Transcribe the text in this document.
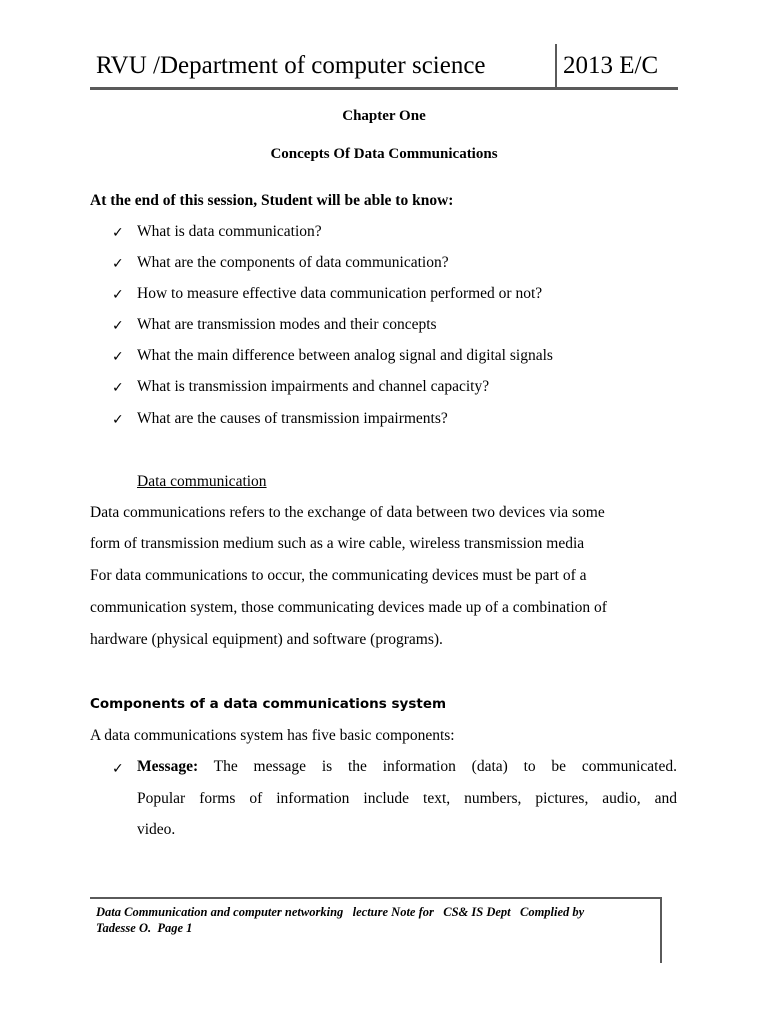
RVU /Department of computer science	2013 E/C
Chapter One
Concepts Of Data Communications
At the end of this session, Student will be able to know:
✓ What is data communication?
✓ What are the components of data communication?
✓ How to measure effective data communication performed or not?
✓ What are transmission modes and their concepts
✓ What the main difference between analog signal and digital signals
✓ What is transmission impairments and channel capacity?
✓ What are the causes of transmission impairments?
Data communication
Data communications refers to the exchange of data between two devices via some
form of transmission medium such as a wire cable, wireless transmission media
For data communications to occur, the communicating devices must be part of a
communication system, those communicating devices made up of a combination of
hardware (physical equipment) and software (programs).
Components of a data communications system
A data communications system has five basic components:
✓ Message: The message is the information (data) to be communicated.
Popular forms of information include text, numbers, pictures, audio, and
video.
Data Communication and computer networking   lecture Note for   CS& IS Dept   Complied by
Tadesse O.  Page 1
